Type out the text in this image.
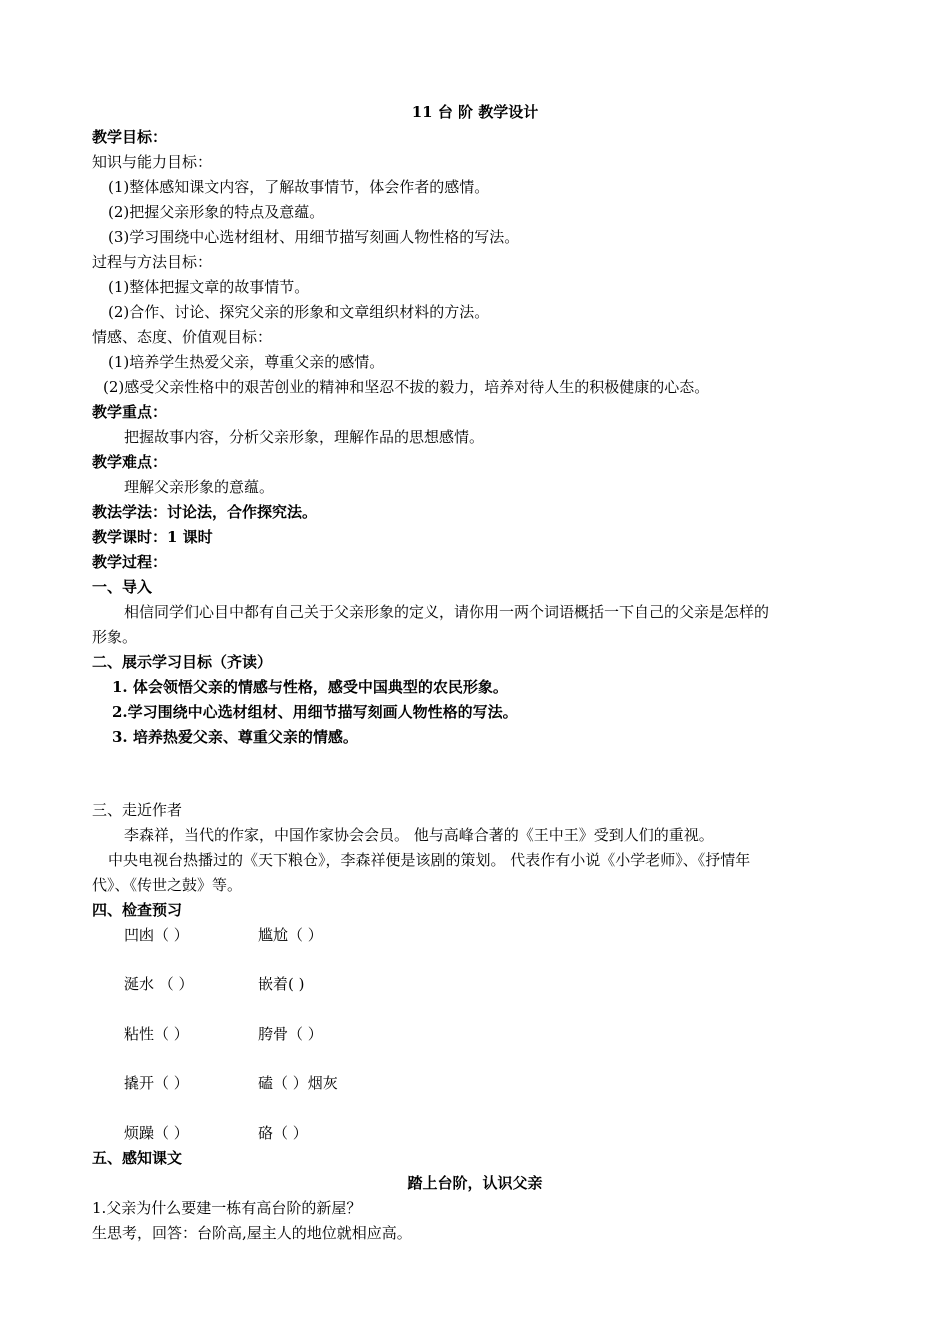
11 台 阶 教学设计
教学目标：
知识与能力目标：
(1)整体感知课文内容，了解故事情节，体会作者的感情。
(2)把握父亲形象的特点及意蕴。
(3)学习围绕中心选材组材、用细节描写刻画人物性格的写法。
过程与方法目标：
(1)整体把握文章的故事情节。
(2)合作、讨论、探究父亲的形象和文章组织材料的方法。
情感、态度、价值观目标：
(1)培养学生热爱父亲，尊重父亲的感情。
(2)感受父亲性格中的艰苦创业的精神和坚忍不拔的毅力，培养对待人生的积极健康的心态。
教学重点：
把握故事内容，分析父亲形象，理解作品的思想感情。
教学难点：
理解父亲形象的意蕴。
教法学法：讨论法，合作探究法。
教学课时：1 课时
教学过程：
一、导入
相信同学们心目中都有自己关于父亲形象的定义，请你用一两个词语概括一下自己的父亲是怎样的
形象。
二、展示学习目标（齐读）
1. 体会领悟父亲的情感与性格，感受中国典型的农民形象。
2.学习围绕中心选材组材、用细节描写刻画人物性格的写法。
3. 培养热爱父亲、尊重父亲的情感。
三、走近作者
李森祥，当代的作家，中国作家协会会员。 他与高峰合著的《王中王》受到人们的重视。
中央电视台热播过的《天下粮仓》，李森祥便是该剧的策划。 代表作有小说《小学老师》、《抒情年
代》、《传世之鼓》等。
四、检查预习
凹凼（ ）	尴尬（ ）
涎水 （ ）	嵌着( )
粘性（ ）	胯骨（ ）
撬开（ ）	磕（ ）烟灰
烦躁（ ）	硌（ ）
五、感知课文
踏上台阶，认识父亲
1.父亲为什么要建一栋有高台阶的新屋？
生思考，回答：台阶高,屋主人的地位就相应高。
